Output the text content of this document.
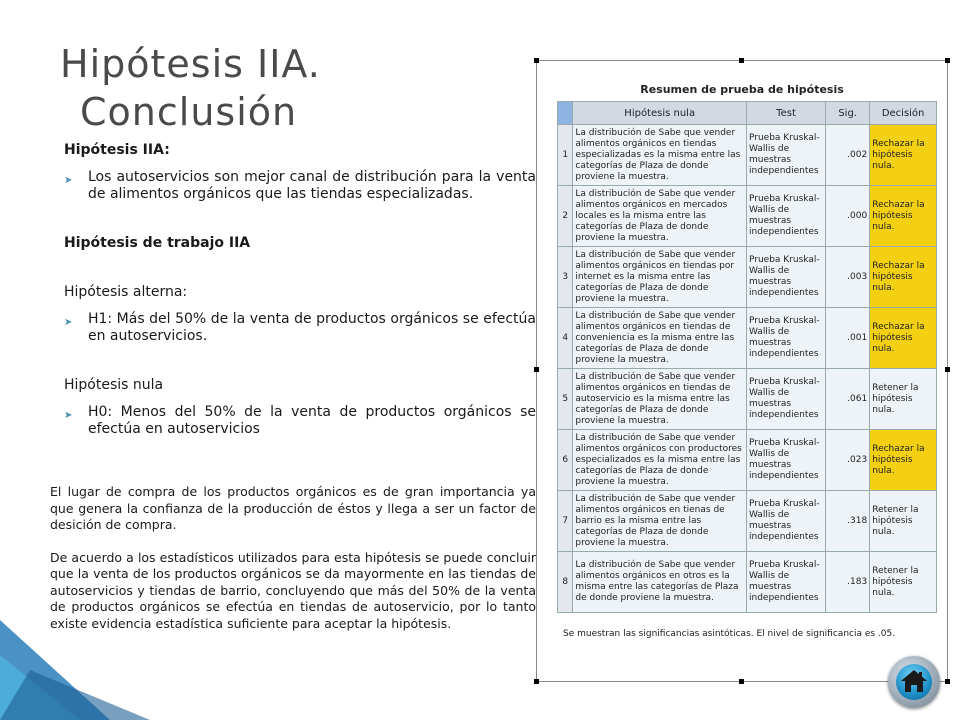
Hipótesis IIA.
Conclusión

Hipótesis IIA:

➤ Los autoservicios son mejor canal de distribución para la venta de alimentos orgánicos que las tiendas especializadas.

Hipótesis de trabajo IIA

Hipótesis alterna:

➤ H1: Más del 50% de la venta de productos orgánicos se efectúa en autoservicios.

Hipótesis nula

➤ H0: Menos del 50% de la venta de productos orgánicos se efectúa en autoservicios

El lugar de compra de los productos orgánicos es de gran importancia ya que genera la confianza de la producción de éstos y llega a ser un factor de desición de compra.

De acuerdo a los estadísticos utilizados para esta hipótesis se puede concluir que la venta de los productos orgánicos se da mayormente en las tiendas de autoservicios y tiendas de barrio, concluyendo que más del 50% de la venta de productos orgánicos se efectúa en tiendas de autoservicio, por lo tanto existe evidencia estadística suficiente para aceptar la hipótesis.

Resumen de prueba de hipótesis
	Hipótesis nula	Test	Sig.	Decisión
1	La distribución de Sabe que vender alimentos orgánicos en tiendas especializadas es la misma entre las categorías de Plaza de donde proviene la muestra.	Prueba Kruskal-Wallis de muestras independientes	.002	Rechazar la hipótesis nula.
2	La distribución de Sabe que vender alimentos orgánicos en mercados locales es la misma entre las categorías de Plaza de donde proviene la muestra.	Prueba Kruskal-Wallis de muestras independientes	.000	Rechazar la hipótesis nula.
3	La distribución de Sabe que vender alimentos orgánicos en tiendas por internet es la misma entre las categorías de Plaza de donde proviene la muestra.	Prueba Kruskal-Wallis de muestras independientes	.003	Rechazar la hipótesis nula.
4	La distribución de Sabe que vender alimentos orgánicos en tiendas de conveniencia es la misma entre las categorías de Plaza de donde proviene la muestra.	Prueba Kruskal-Wallis de muestras independientes	.001	Rechazar la hipótesis nula.
5	La distribución de Sabe que vender alimentos orgánicos en tiendas de autoservicio es la misma entre las categorías de Plaza de donde proviene la muestra.	Prueba Kruskal-Wallis de muestras independientes	.061	Retener la hipótesis nula.
6	La distribución de Sabe que vender alimentos orgánicos con productores especializados es la misma entre las categorías de Plaza de donde proviene la muestra.	Prueba Kruskal-Wallis de muestras independientes	.023	Rechazar la hipótesis nula.
7	La distribución de Sabe que vender alimentos orgánicos en tienas de barrio es la misma entre las categorías de Plaza de donde proviene la muestra.	Prueba Kruskal-Wallis de muestras independientes	.318	Retener la hipótesis nula.
8	La distribución de Sabe que vender alimentos orgánicos en otros es la misma entre las categorías de Plaza de donde proviene la muestra.	Prueba Kruskal-Wallis de muestras independientes	.183	Retener la hipótesis nula.
Se muestran las significancias asintóticas. El nivel de significancia es .05.
